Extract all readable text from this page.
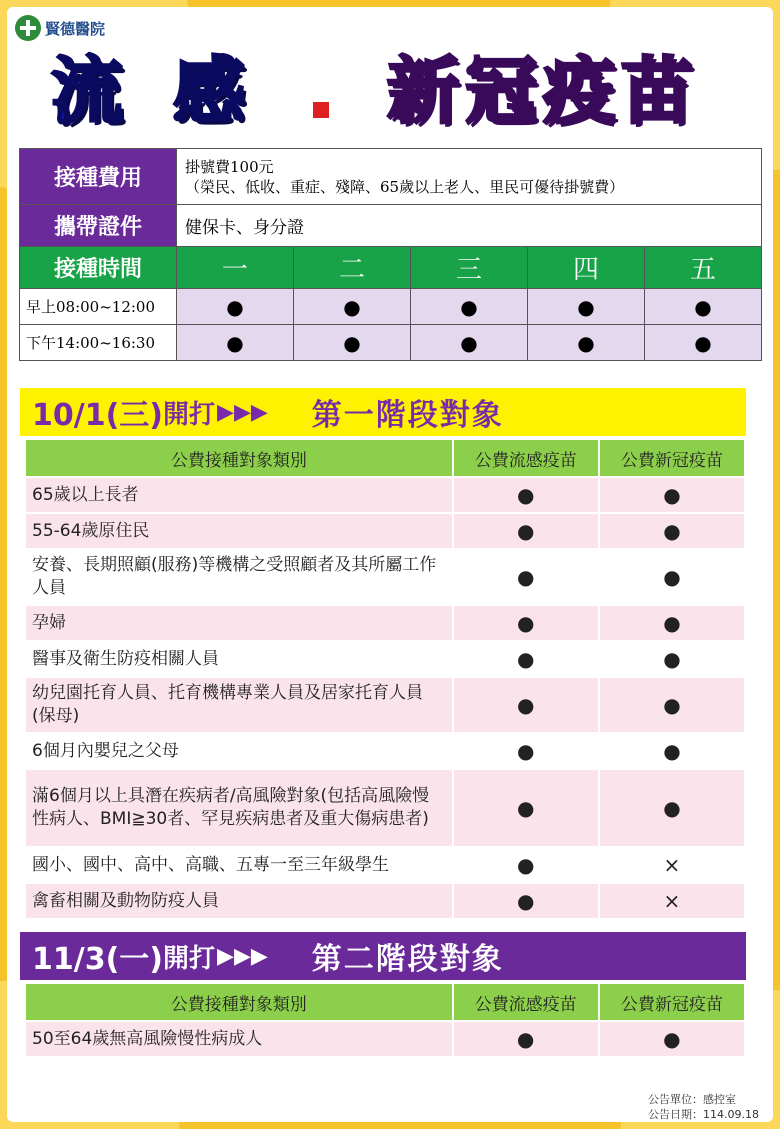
賢德醫院
流感 新冠疫苗
接種費用	掛號費100元
（榮民、低收、重症、殘障、65歲以上老人、里民可優待掛號費）				

攜帶證件	健保卡、身分證				
接種時間	一	二	三	四	五
早上08:00~12:00	●	●	●	●	●
下午14:00~16:30	●	●	●	●	●
10/1(三) 開打 ▶▶▶ 第一階段對象
公費接種對象類別	公費流感疫苗	公費新冠疫苗
65歲以上長者	●	●
55-64歲原住民	●	●
安養、長期照顧(服務)等機構之受照顧者及其所屬工作人員	●	●
孕婦	●	●
醫事及衛生防疫相關人員	●	●
幼兒園托育人員、托育機構專業人員及居家托育人員(保母)	●	●
6個月內嬰兒之父母	●	●
滿6個月以上具潛在疾病者/高風險對象(包括高風險慢性病人、BMI≧30者、罕見疾病患者及重大傷病患者)	●	●
國小、國中、高中、高職、五專一至三年級學生	●	×
禽畜相關及動物防疫人員	●	×
11/3(一) 開打 ▶▶▶ 第二階段對象
公費接種對象類別	公費流感疫苗	公費新冠疫苗
50至64歲無高風險慢性病成人	●	●
公告單位：感控室
公告日期：114.09.18
